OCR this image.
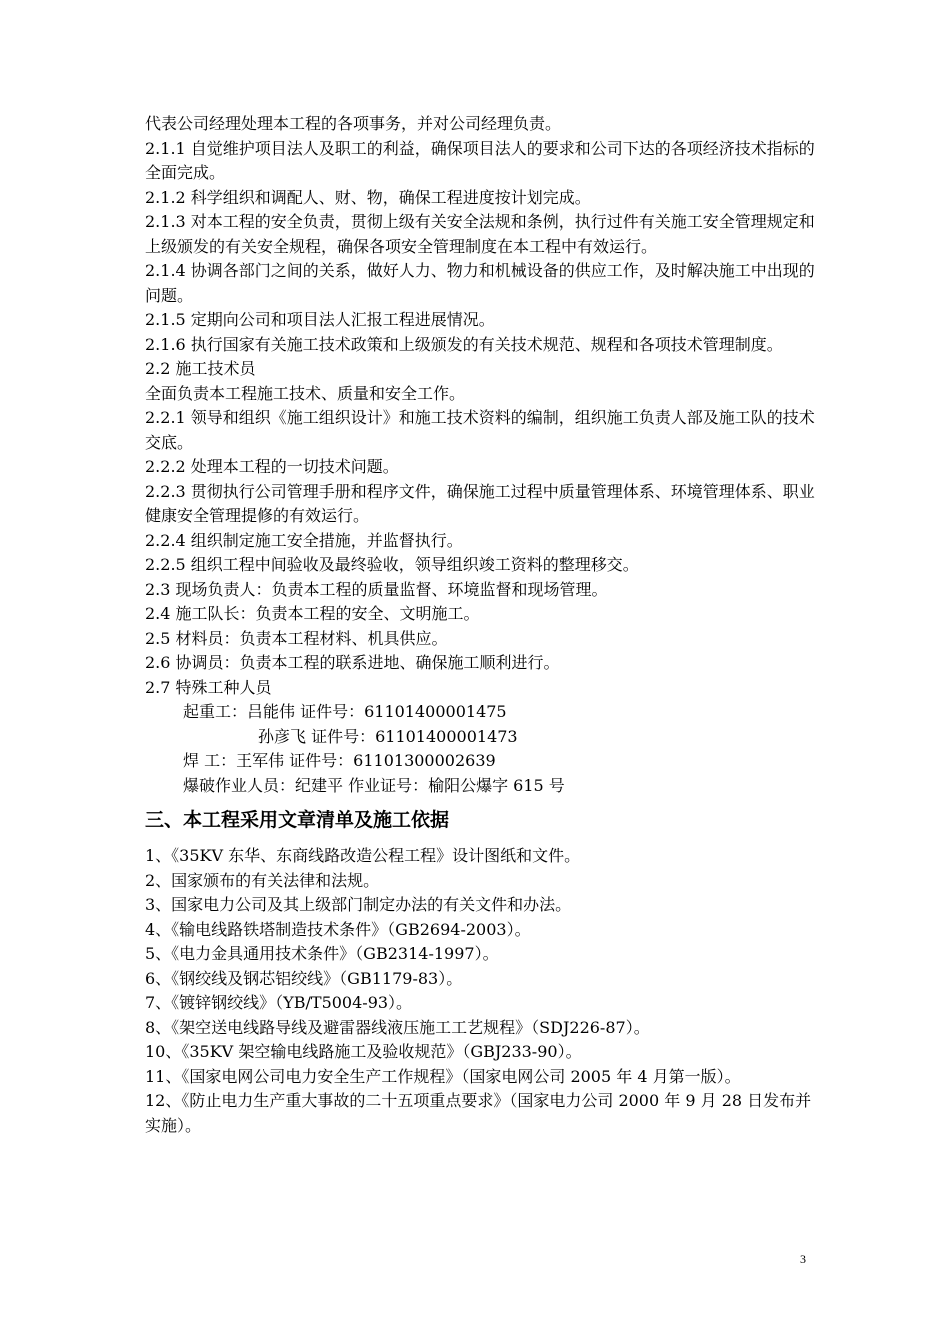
代表公司经理处理本工程的各项事务，并对公司经理负责。

2.1.1 自觉维护项目法人及职工的利益，确保项目法人的要求和公司下达的各项经济技术指标的全面完成。

2.1.2 科学组织和调配人、财、物，确保工程进度按计划完成。

2.1.3 对本工程的安全负责，贯彻上级有关安全法规和条例，执行过件有关施工安全管理规定和上级颁发的有关安全规程，确保各项安全管理制度在本工程中有效运行。

2.1.4 协调各部门之间的关系，做好人力、物力和机械设备的供应工作，及时解决施工中出现的问题。

2.1.5 定期向公司和项目法人汇报工程进展情况。

2.1.6 执行国家有关施工技术政策和上级颁发的有关技术规范、规程和各项技术管理制度。

2.2 施工技术员

全面负责本工程施工技术、质量和安全工作。

2.2.1 领导和组织《施工组织设计》和施工技术资料的编制，组织施工负责人部及施工队的技术交底。

2.2.2 处理本工程的一切技术问题。

2.2.3 贯彻执行公司管理手册和程序文件，确保施工过程中质量管理体系、环境管理体系、职业健康安全管理提修的有效运行。

2.2.4 组织制定施工安全措施，并监督执行。

2.2.5 组织工程中间验收及最终验收，领导组织竣工资料的整理移交。

2.3 现场负责人：负责本工程的质量监督、环境监督和现场管理。

2.4 施工队长：负责本工程的安全、文明施工。

2.5 材料员：负责本工程材料、机具供应。

2.6 协调员：负责本工程的联系进地、确保施工顺利进行。

2.7 特殊工种人员

起重工：吕能伟 证件号：61101400001475

孙彦飞 证件号：61101400001473

焊 工：王军伟 证件号：61101300002639

爆破作业人员：纪建平 作业证号：榆阳公爆字 615 号

三、本工程采用文章清单及施工依据

1、《35KV 东华、东商线路改造公程工程》设计图纸和文件。

2、国家颁布的有关法律和法规。

3、国家电力公司及其上级部门制定办法的有关文件和办法。

4、《输电线路铁塔制造技术条件》（GB2694-2003）。

5、《电力金具通用技术条件》（GB2314-1997）。

6、《钢绞线及钢芯铝绞线》（GB1179-83）。

7、《镀锌钢绞线》（YB/T5004-93）。

8、《架空送电线路导线及避雷器线液压施工工艺规程》（SDJ226-87）。

10、《35KV 架空输电线路施工及验收规范》（GBJ233-90）。

11、《国家电网公司电力安全生产工作规程》（国家电网公司 2005 年 4 月第一版）。

12、《防止电力生产重大事故的二十五项重点要求》（国家电力公司 2000 年 9 月 28 日发布并实施）。

3
